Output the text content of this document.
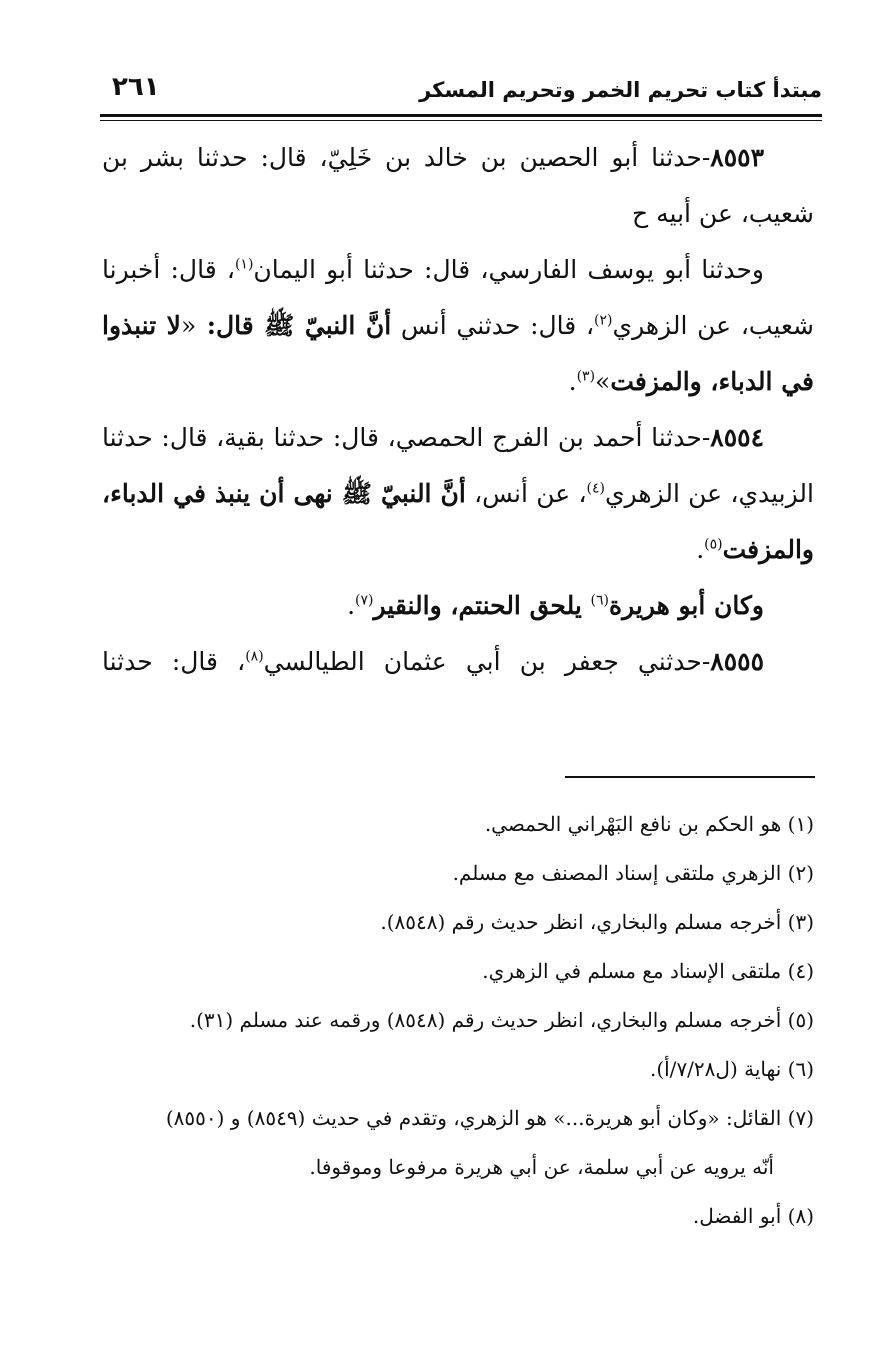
مبتدأ كتاب تحريم الخمر وتحريم المسكر
٢٦١

٨٥٥٣-حدثنا أبو الحصين بن خالد بن خَلِيّ، قال: حدثنا بشر بن شعيب، عن أبيه ح

وحدثنا أبو يوسف الفارسي، قال: حدثنا أبو اليمان$^{(١)}$، قال: أخبرنا شعيب، عن الزهري$^{(٢)}$، قال: حدثني أنس أنَّ النبيّ ﷺ قال: «لا تنبذوا في الدباء، والمزفت»$^{(٣)}$.

٨٥٥٤-حدثنا أحمد بن الفرج الحمصي، قال: حدثنا بقية، قال: حدثنا الزبيدي، عن الزهري$^{(٤)}$، عن أنس، أنَّ النبيّ ﷺ نهى أن ينبذ في الدباء، والمزفت$^{(٥)}$.

وكان أبو هريرة$^{(٦)}$ يلحق الحنتم، والنقير$^{(٧)}$.

٨٥٥٥-حدثني جعفر بن أبي عثمان الطيالسي$^{(٨)}$، قال: حدثنا

(١) هو الحكم بن نافع البَهْراني الحمصي.

(٢) الزهري ملتقى إسناد المصنف مع مسلم.

(٣) أخرجه مسلم والبخاري، انظر حديث رقم (٨٥٤٨).

(٤) ملتقى الإسناد مع مسلم في الزهري.

(٥) أخرجه مسلم والبخاري، انظر حديث رقم (٨٥٤٨) ورقمه عند مسلم (٣١).

(٦) نهاية (ل٧/٢٨/أ).

(٧) القائل: «وكان أبو هريرة...» هو الزهري، وتقدم في حديث (٨٥٤٩) و (٨٥٥٠)

أنّه يرويه عن أبي سلمة، عن أبي هريرة مرفوعا وموقوفا.

(٨) أبو الفضل.
